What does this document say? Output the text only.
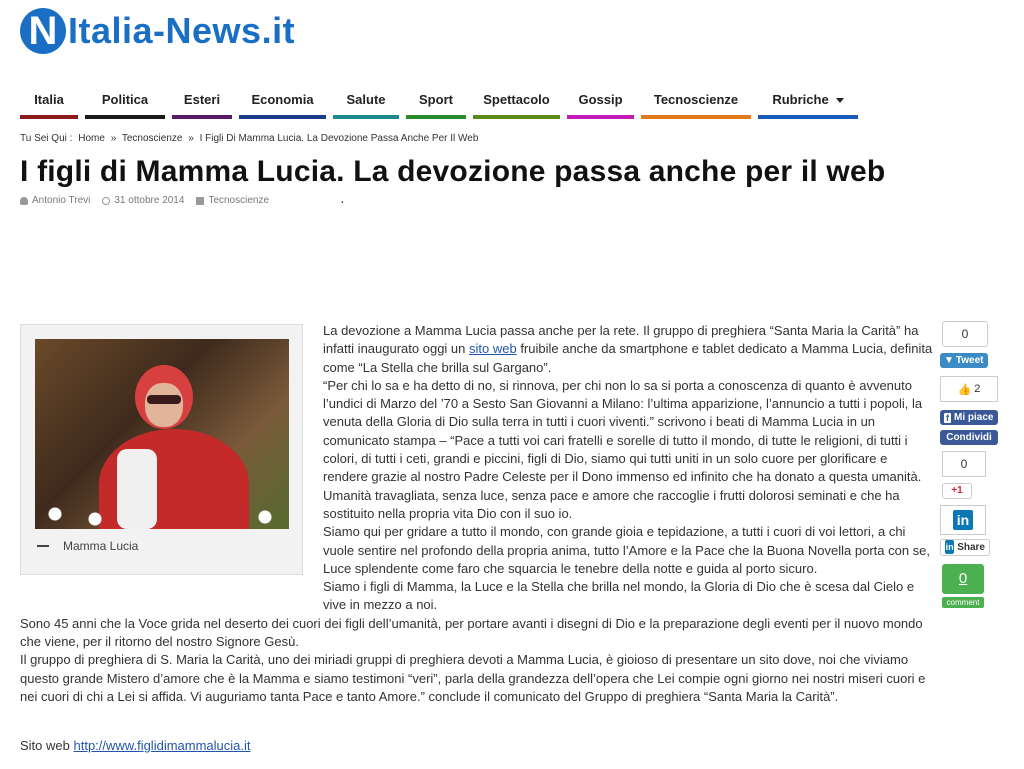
N Italia-News.it
Italia	Politica	Esteri	Economia	Salute	Sport	Spettacolo	Gossip	Tecnoscienze	Rubriche
Tu Sei Qui : Home » Tecnoscienze » I Figli Di Mamma Lucia. La Devozione Passa Anche Per Il Web
I figli di Mamma Lucia. La devozione passa anche per il web
Antonio Trevi 31 ottobre 2014 Tecnoscienze	.
Mamma Lucia

La devozione a Mamma Lucia passa anche per la rete. Il gruppo di preghiera “Santa Maria la Carità” ha infatti inaugurato oggi un sito web fruibile anche da smartphone e tablet dedicato a Mamma Lucia, definita come “La Stella che brilla sul Gargano”.

“Per chi lo sa e ha detto di no, si rinnova, per chi non lo sa si porta a conoscenza di quanto è avvenuto l’undici di Marzo del ’70 a Sesto San Giovanni a Milano: l’ultima apparizione, l’annuncio a tutti i popoli, la venuta della Gloria di Dio sulla terra in tutti i cuori viventi.” scrivono i beati di Mamma Lucia in un comunicato stampa – “Pace a tutti voi cari fratelli e sorelle di tutto il mondo, di tutte le religioni, di tutti i colori, di tutti i ceti, grandi e piccini, figli di Dio, siamo qui tutti uniti in un solo cuore per glorificare e rendere grazie al nostro Padre Celeste per il Dono immenso ed infinito che ha donato a questa umanità. Umanità travagliata, senza luce, senza pace e amore che raccoglie i frutti dolorosi seminati e che ha sostituito nella propria vita Dio con il suo io.

Siamo qui per gridare a tutto il mondo, con grande gioia e tepidazione, a tutti i cuori di voi lettori, a chi vuole sentire nel profondo della propria anima, tutto l’Amore e la Pace che la Buona Novella porta con se, Luce splendente come faro che squarcia le tenebre della notte e guida al porto sicuro.

Siamo i figli di Mamma, la Luce e la Stella che brilla nel mondo, la Gloria di Dio che è scesa dal Cielo e vive in mezzo a noi.

Sono 45 anni che la Voce grida nel deserto dei cuori dei figli dell’umanità, per portare avanti i disegni di Dio e la preparazione degli eventi per il nuovo mondo che viene, per il ritorno del nostro Signore Gesù.

Il gruppo di preghiera di S. Maria la Carità, uno dei miriadi gruppi di preghiera devoti a Mamma Lucia, è gioioso di presentare un sito dove, noi che viviamo questo grande Mistero d’amore che è la Mamma e siamo testimoni “veri”, parla della grandezza dell’opera che Lei compie ogni giorno nei nostri miseri cuori e nei cuori di chi a Lei si affida. Vi auguriamo tanta Pace e tanto Amore.” conclude il comunicato del Gruppo di preghiera “Santa Maria la Carità”.

0
▼ Tweet
👍 2
f Mi piace
Condividi
0
+1
in
in Share
0
comment
Sito web http://www.figlidimammalucia.it
